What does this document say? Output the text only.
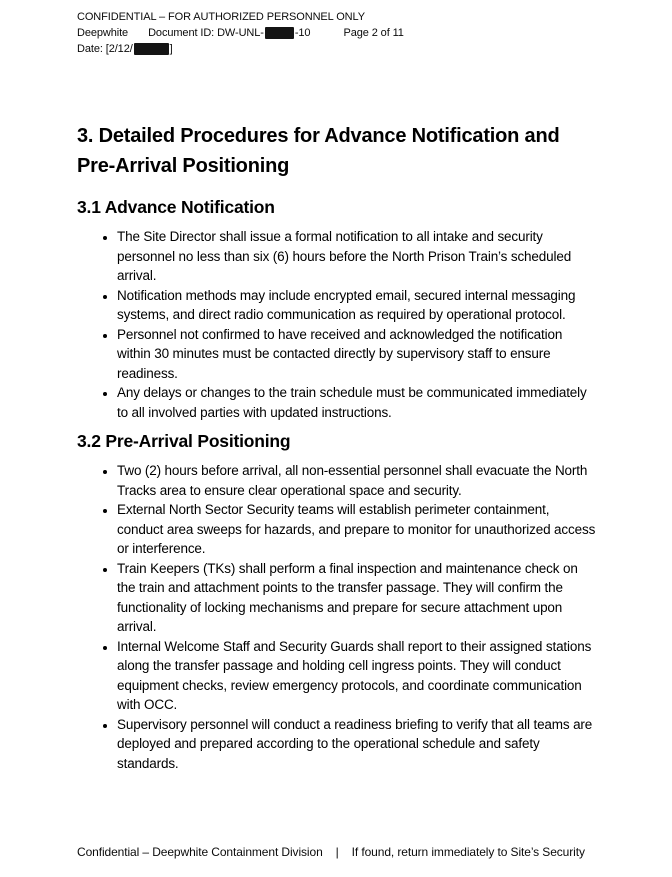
CONFIDENTIAL – FOR AUTHORIZED PERSONNEL ONLY
Deepwhite Document ID: DW-UNL-	-10	Page 2 of 11
Date: [2/12/	]
3. Detailed Procedures for Advance Notification and
Pre-Arrival Positioning
3.1 Advance Notification
• The Site Director shall issue a formal notification to all intake and security personnel no less than six (6) hours before the North Prison Train’s scheduled arrival.
• Notification methods may include encrypted email, secured internal messaging systems, and direct radio communication as required by operational protocol.
• Personnel not confirmed to have received and acknowledged the notification within 30 minutes must be contacted directly by supervisory staff to ensure readiness.
• Any delays or changes to the train schedule must be communicated immediately to all involved parties with updated instructions.
3.2 Pre-Arrival Positioning
• Two (2) hours before arrival, all non-essential personnel shall evacuate the North Tracks area to ensure clear operational space and security.
• External North Sector Security teams will establish perimeter containment, conduct area sweeps for hazards, and prepare to monitor for unauthorized access or interference.
• Train Keepers (TKs) shall perform a final inspection and maintenance check on the train and attachment points to the transfer passage. They will confirm the functionality of locking mechanisms and prepare for secure attachment upon arrival.
• Internal Welcome Staff and Security Guards shall report to their assigned stations along the transfer passage and holding cell ingress points. They will conduct equipment checks, review emergency protocols, and coordinate communication with OCC.
• Supervisory personnel will conduct a readiness briefing to verify that all teams are deployed and prepared according to the operational schedule and safety standards.
Confidential – Deepwhite Containment Division | If found, return immediately to Site’s Security
